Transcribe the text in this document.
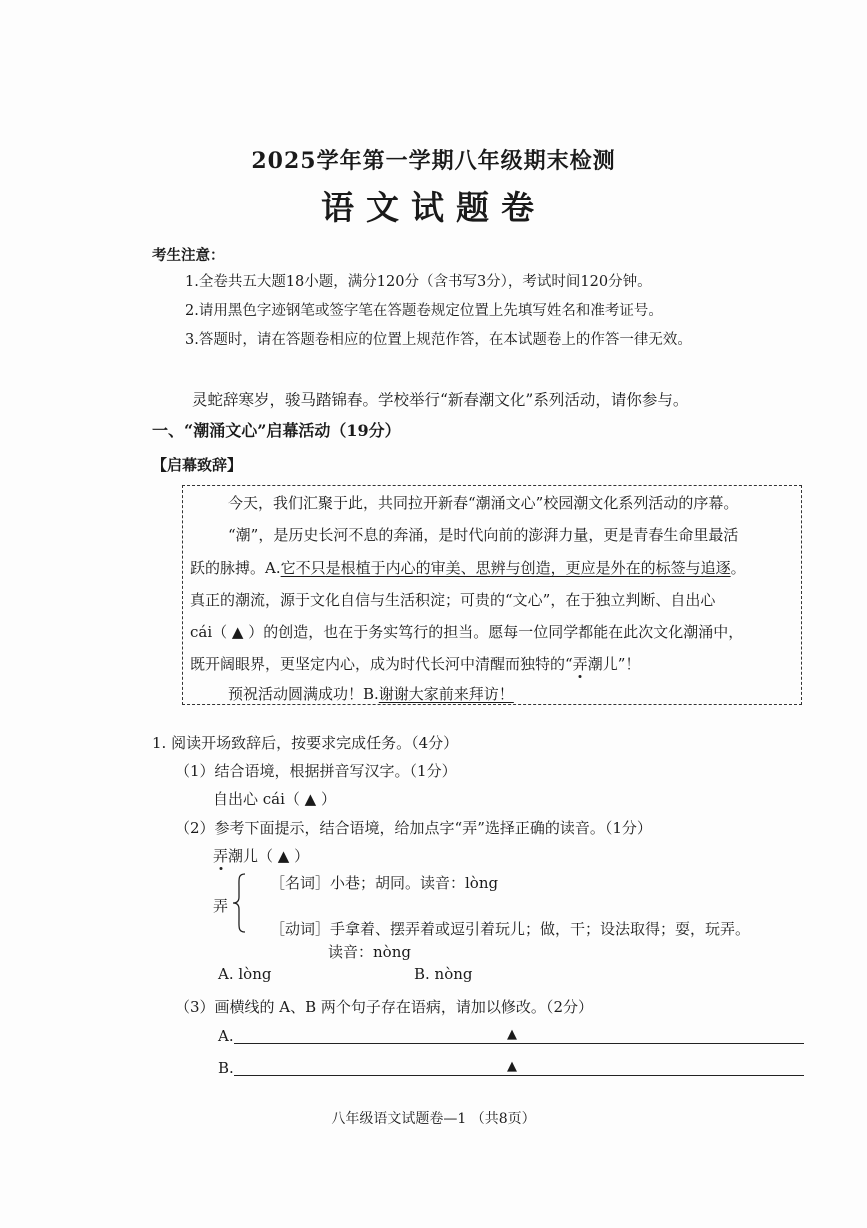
2025学年第一学期八年级期末检测
语文试题卷
考生注意：
1.全卷共五大题18小题，满分120分（含书写3分），考试时间120分钟。
2.请用黑色字迹钢笔或签字笔在答题卷规定位置上先填写姓名和准考证号。
3.答题时，请在答题卷相应的位置上规范作答，在本试题卷上的作答一律无效。
灵蛇辞寒岁，骏马踏锦春。学校举行“新春潮文化”系列活动，请你参与。
一、“潮涌文心”启幕活动（19分）
【启幕致辞】
今天，我们汇聚于此，共同拉开新春“潮涌文心”校园潮文化系列活动的序幕。
“潮”，是历史长河不息的奔涌，是时代向前的澎湃力量，更是青春生命里最活
跃的脉搏。A.它不只是根植于内心的审美、思辨与创造，更应是外在的标签与追逐。
真正的潮流，源于文化自信与生活积淀；可贵的“文心”，在于独立判断、自出心
cái（ ▲ ）的创造，也在于务实笃行的担当。愿每一位同学都能在此次文化潮涌中，
既开阔眼界，更坚定内心，成为时代长河中清醒而独特的“弄潮儿”！
预祝活动圆满成功！B.谢谢大家前来拜访！
1. 阅读开场致辞后，按要求完成任务。（4分）
（1）结合语境，根据拼音写汉字。（1分）
自出心 cái（ ▲ ）
（2）参考下面提示，结合语境，给加点字“弄”选择正确的读音。（1分）
弄潮儿（ ▲ ）
弄
［名词］小巷；胡同。读音：lòng
［动词］手拿着、摆弄着或逗引着玩儿；做，干；设法取得；耍，玩弄。
读音：nòng
A. lòng	B. nòng
（3）画横线的 A、B 两个句子存在语病，请加以修改。（2分）
A.	▲
B.	▲
八年级语文试题卷—1 （共8页）
